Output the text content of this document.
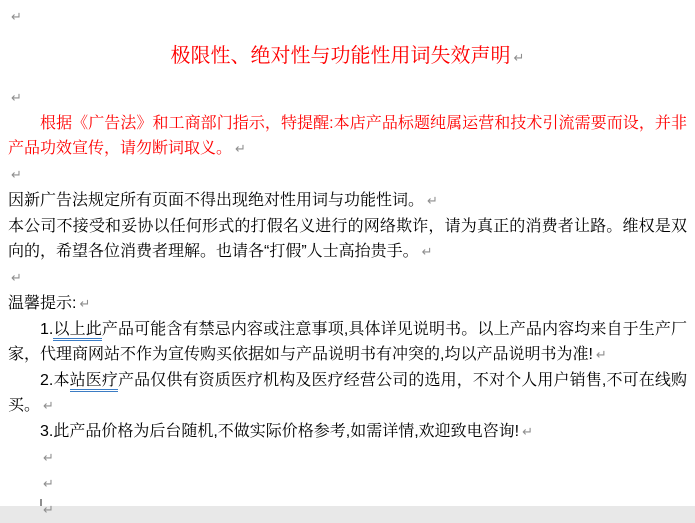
↵

极限性、绝对性与功能性用词失效声明 ↵

↵

根据《广告法》和工商部门指示，特提醒:本店产品标题纯属运营和技术引流需要而设，并非产品功效宣传，请勿断词取义。 ↵

↵

因新广告法规定所有页面不得出现绝对性用词与功能性词。 ↵

本公司不接受和妥协以任何形式的打假名义进行的网络欺诈，请为真正的消费者让路。维权是双向的，希望各位消费者理解。也请各“打假”人士高抬贵手。 ↵

↵

温馨提示: ↵

1.以上此产品可能含有禁忌内容或注意事项,具体详见说明书。以上产品内容均来自于生产厂家，代理商网站不作为宣传购买依据如与产品说明书有冲突的,均以产品说明书为准! ↵

2.本站医疗产品仅供有资质医疗机构及医疗经营公司的选用，不对个人用户销售,不可在线购买。 ↵

3.此产品价格为后台随机,不做实际价格参考,如需详情,欢迎致电咨询! ↵

↵

↵

↵
